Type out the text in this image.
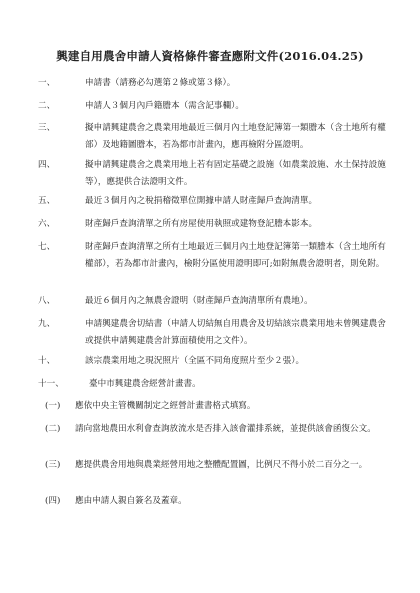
興建自用農舍申請人資格條件審查應附文件(2016.04.25)
一、	申請書（請務必勾選第２條或第３條）。
二、	申請人３個月內戶籍謄本（需含記事欄）。
三、	擬申請興建農舍之農業用地最近三個月內土地登記簿第一類謄本（含土地所有權部）及地籍圖謄本，若為都市計畫內，應再檢附分區證明。
四、	擬申請興建農舍之農業用地上若有固定基礎之設施（如農業設施、水土保持設施等），應提供合法證明文件。
五、	最近３個月內之稅捐稽徵單位開據申請人財產歸戶查詢清單。
六、	財產歸戶查詢清單之所有房屋使用執照或建物登記謄本影本。
七、	財產歸戶查詢清單之所有土地最近三個月內土地登記簿第一類謄本（含土地所有權部），若為都市計畫內，檢附分區使用證明即可;如附無農舍證明者，則免附。
八、	最近６個月內之無農舍證明（財產歸戶查詢清單所有農地）。
九、	申請興建農舍切結書（申請人切結無自用農舍及切結該宗農業用地未曾興建農舍或提供申請興建農舍計算面積使用之文件）。
十、	該宗農業用地之現況照片（全區不同角度照片至少２張）。
十一、	臺中市興建農舍經營計畫書。
(一) 應依中央主管機關制定之經營計畫書格式填寫。
(二) 請向當地農田水利會查詢放流水是否排入該會灌排系統，並提供該會函復公文。
(三) 應提供農舍用地與農業經營用地之整體配置圖，比例尺不得小於二百分之一。
(四) 應由申請人親自簽名及蓋章。
